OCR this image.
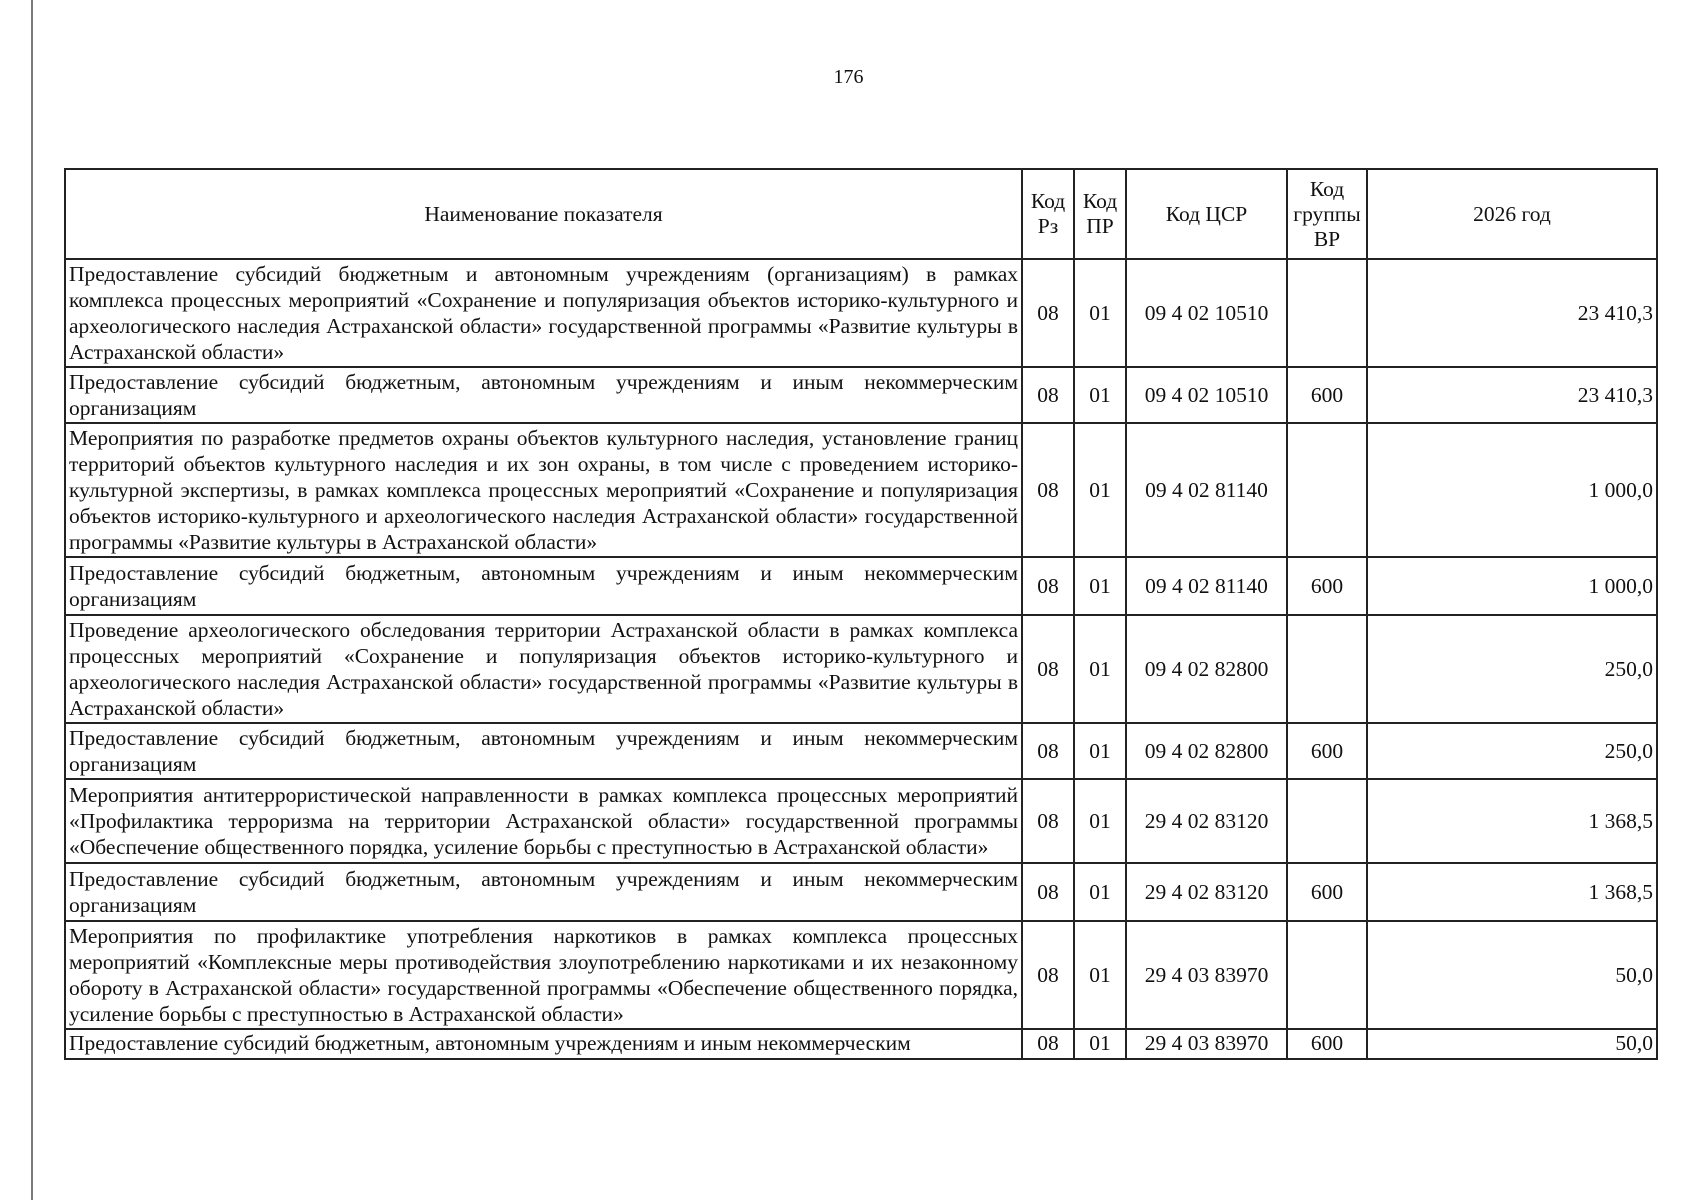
176
Наименование показателя	Код Рз	Код ПР	Код ЦСР	Код группы ВР	2026 год
Предоставление субсидий бюджетным и автономным учреждениям (организациям) в рамках комплекса процессных мероприятий «Сохранение и популяризация объектов историко-культурного и археологического наследия Астраханской области» государственной программы «Развитие культуры в Астраханской области»	08	01	09 4 02 10510		23 410,3
Предоставление субсидий бюджетным, автономным учреждениям и иным некоммерческим организациям	08	01	09 4 02 10510	600	23 410,3
Мероприятия по разработке предметов охраны объектов культурного наследия, установление границ территорий объектов культурного наследия и их зон охраны, в том числе с проведением историко-культурной экспертизы, в рамках комплекса процессных мероприятий «Сохранение и популяризация объектов историко-культурного и археологического наследия Астраханской области» государственной программы «Развитие культуры в Астраханской области»	08	01	09 4 02 81140		1 000,0
Предоставление субсидий бюджетным, автономным учреждениям и иным некоммерческим организациям	08	01	09 4 02 81140	600	1 000,0
Проведение археологического обследования территории Астраханской области в рамках комплекса процессных мероприятий «Сохранение и популяризация объектов историко-культурного и археологического наследия Астраханской области» государственной программы «Развитие культуры в Астраханской области»	08	01	09 4 02 82800		250,0
Предоставление субсидий бюджетным, автономным учреждениям и иным некоммерческим организациям	08	01	09 4 02 82800	600	250,0
Мероприятия антитеррористической направленности в рамках комплекса процессных мероприятий «Профилактика терроризма на территории Астраханской области» государственной программы «Обеспечение общественного порядка, усиление борьбы с преступностью в Астраханской области»	08	01	29 4 02 83120		1 368,5
Предоставление субсидий бюджетным, автономным учреждениям и иным некоммерческим организациям	08	01	29 4 02 83120	600	1 368,5
Мероприятия по профилактике употребления наркотиков в рамках комплекса процессных мероприятий «Комплексные меры противодействия злоупотреблению наркотиками и их незаконному обороту в Астраханской области» государственной программы «Обеспечение общественного порядка, усиление борьбы с преступностью в Астраханской области»	08	01	29 4 03 83970		50,0
Предоставление субсидий бюджетным, автономным учреждениям и иным некоммерческим	08	01	29 4 03 83970	600	50,0
